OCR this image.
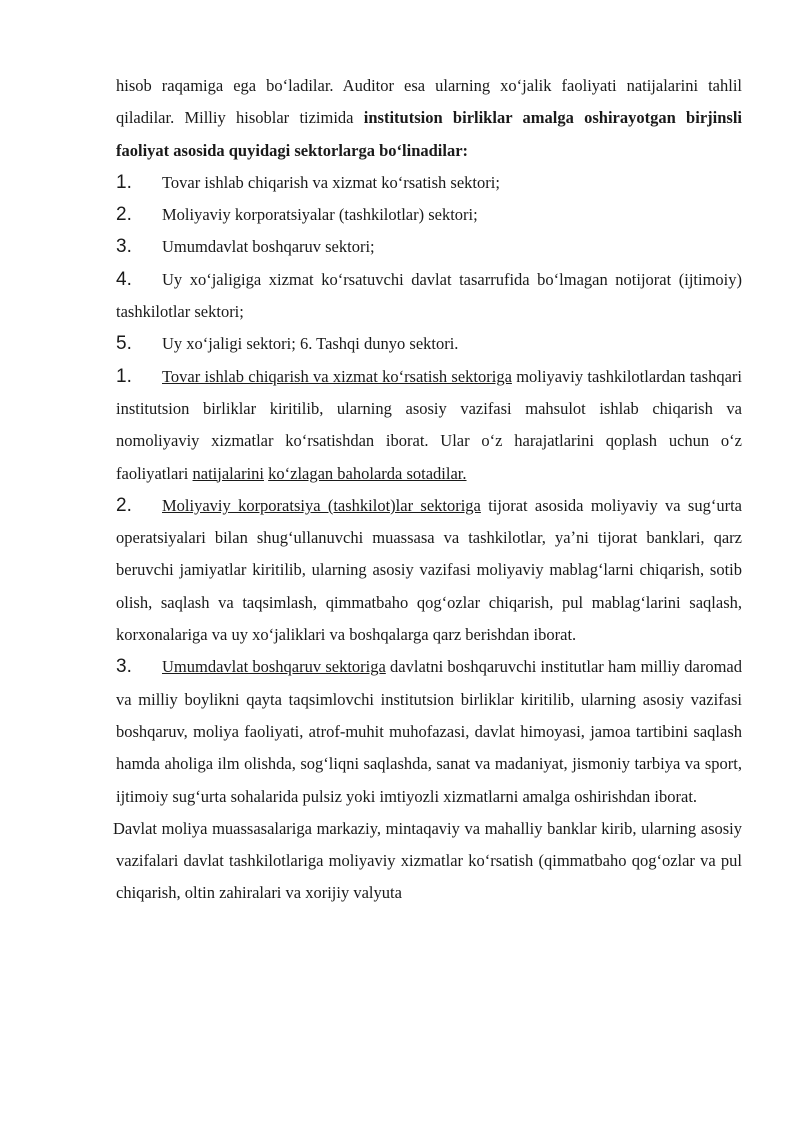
hisob raqamiga ega boʻladilar. Auditor esa ularning xoʻjalik faoliyati natijalarini tahlil qiladilar. Milliy hisoblar tizimida institutsion birliklar amalga oshirayotgan birjinsli faoliyat asosida quyidagi sektorlarga boʻlinadilar:

1. Tovar ishlab chiqarish va xizmat koʻrsatish sektori;

2. Moliyaviy korporatsiyalar (tashkilotlar) sektori;

3. Umumdavlat boshqaruv sektori;

4. Uy xoʻjaligiga xizmat koʻrsatuvchi davlat tasarrufida boʻlmagan notijorat (ijtimoiy) tashkilotlar sektori;

5. Uy xoʻjaligi sektori; 6. Tashqi dunyo sektori.

1. Tovar ishlab chiqarish va xizmat koʻrsatish sektoriga moliyaviy tashkilotlardan tashqari institutsion birliklar kiritilib, ularning asosiy vazifasi mahsulot ishlab chiqarish va nomoliyaviy xizmatlar koʻrsatishdan iborat. Ular oʻz harajatlarini qoplash uchun oʻz faoliyatlari natijalarini koʻzlagan baholarda sotadilar.

2. Moliyaviy korporatsiya (tashkilot)lar sektoriga tijorat asosida moliyaviy va sugʻurta operatsiyalari bilan shugʻullanuvchi muassasa va tashkilotlar, yaʼni tijorat banklari, qarz beruvchi jamiyatlar kiritilib, ularning asosiy vazifasi moliyaviy mablagʻlarni chiqarish, sotib olish, saqlash va taqsimlash, qimmatbaho qogʻozlar chiqarish, pul mablagʻlarini saqlash, korxonalariga va uy xoʻjaliklari va boshqalarga qarz berishdan iborat.

3. Umumdavlat boshqaruv sektoriga davlatni boshqaruvchi institutlar ham milliy daromad va milliy boylikni qayta taqsimlovchi institutsion birliklar kiritilib, ularning asosiy vazifasi boshqaruv, moliya faoliyati, atrof-muhit muhofazasi, davlat himoyasi, jamoa tartibini saqlash hamda aholiga ilm olishda, sogʻliqni saqlashda, sanat va madaniyat, jismoniy tarbiya va sport, ijtimoiy sugʻurta sohalarida pulsiz yoki imtiyozli xizmatlarni amalga oshirishdan iborat.

Davlat moliya muassasalariga markaziy, mintaqaviy va mahalliy banklar kirib, ularning asosiy vazifalari davlat tashkilotlariga moliyaviy xizmatlar koʻrsatish (qimmatbaho qogʻozlar va pul chiqarish, oltin zahiralari va xorijiy valyuta
